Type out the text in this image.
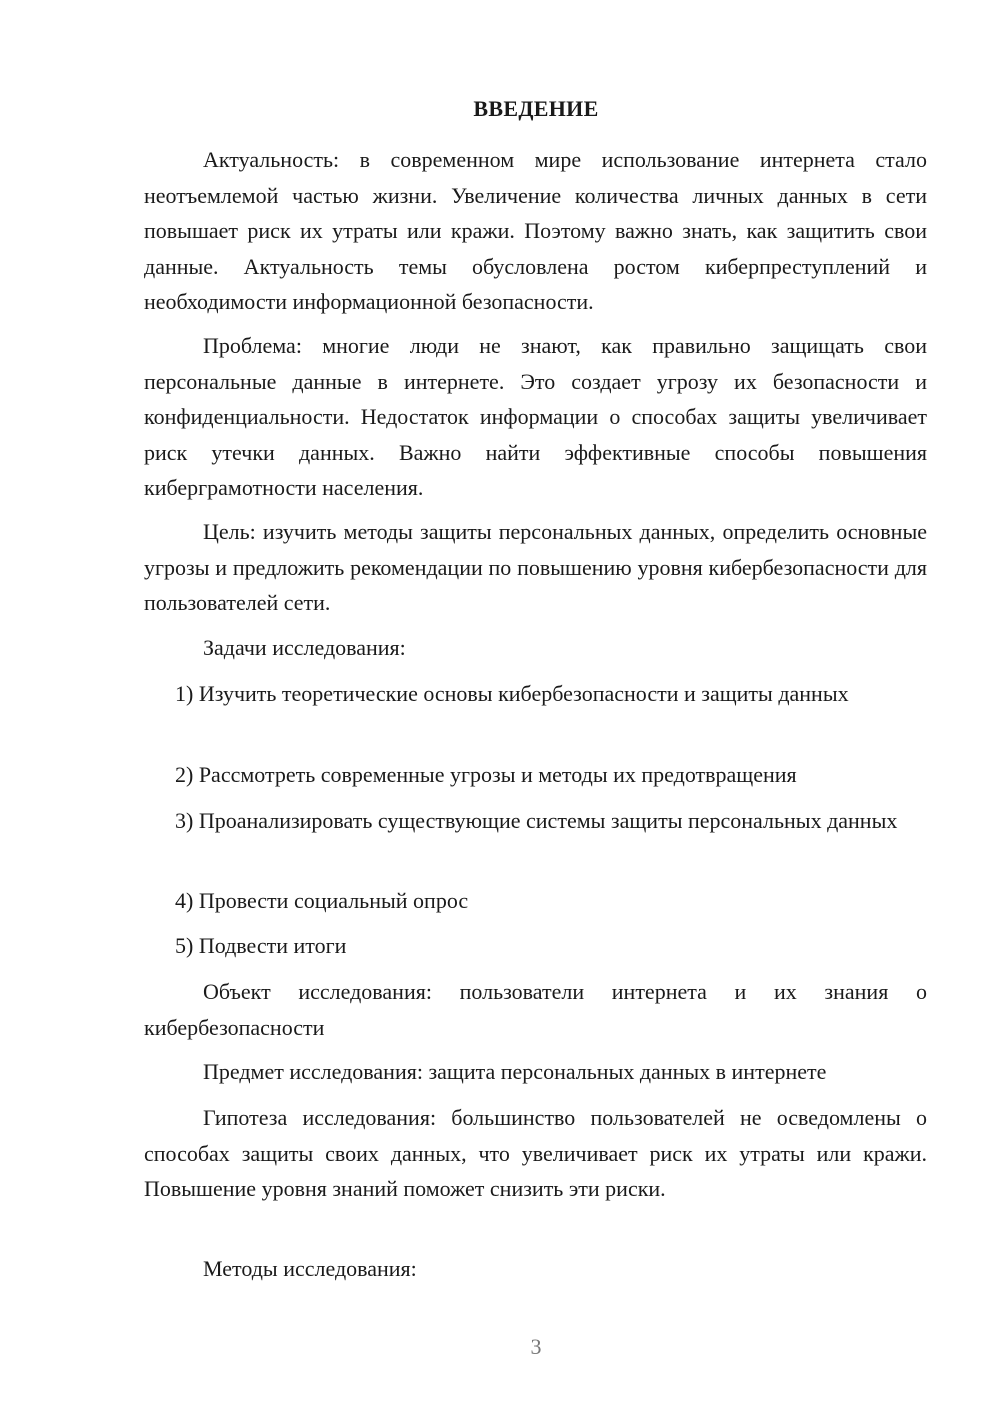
ВВЕДЕНИЕ

Актуальность: в современном мире использование интернета стало неотъемлемой частью жизни. Увеличение количества личных данных в сети повышает риск их утраты или кражи. Поэтому важно знать, как защитить свои данные. Актуальность темы обусловлена ростом киберпреступлений и необходимости информационной безопасности.

Проблема: многие люди не знают, как правильно защищать свои персональные данные в интернете. Это создает угрозу их безопасности и конфиденциальности. Недостаток информации о способах защиты увеличивает риск утечки данных. Важно найти эффективные способы повышения кибергрaмотности населения.

Цель: изучить методы защиты персональных данных, определить основные угрозы и предложить рекомендации по повышению уровня кибербезопасности для пользователей сети.

Задачи исследования:

1) Изучить теоретические основы кибербезопасности и защиты данных

2) Рассмотреть современные угрозы и методы их предотвращения

3) Проанализировать существующие системы защиты персональных данных

4) Провести социальный опрос

5) Подвести итоги

Объект исследования: пользователи интернета и их знания о кибербезопасности

Предмет исследования: защита персональных данных в интернете

Гипотеза исследования: большинство пользователей не осведомлены о способах защиты своих данных, что увеличивает риск их утраты или кражи. Повышение уровня знаний поможет снизить эти риски.

Методы исследования:

3
